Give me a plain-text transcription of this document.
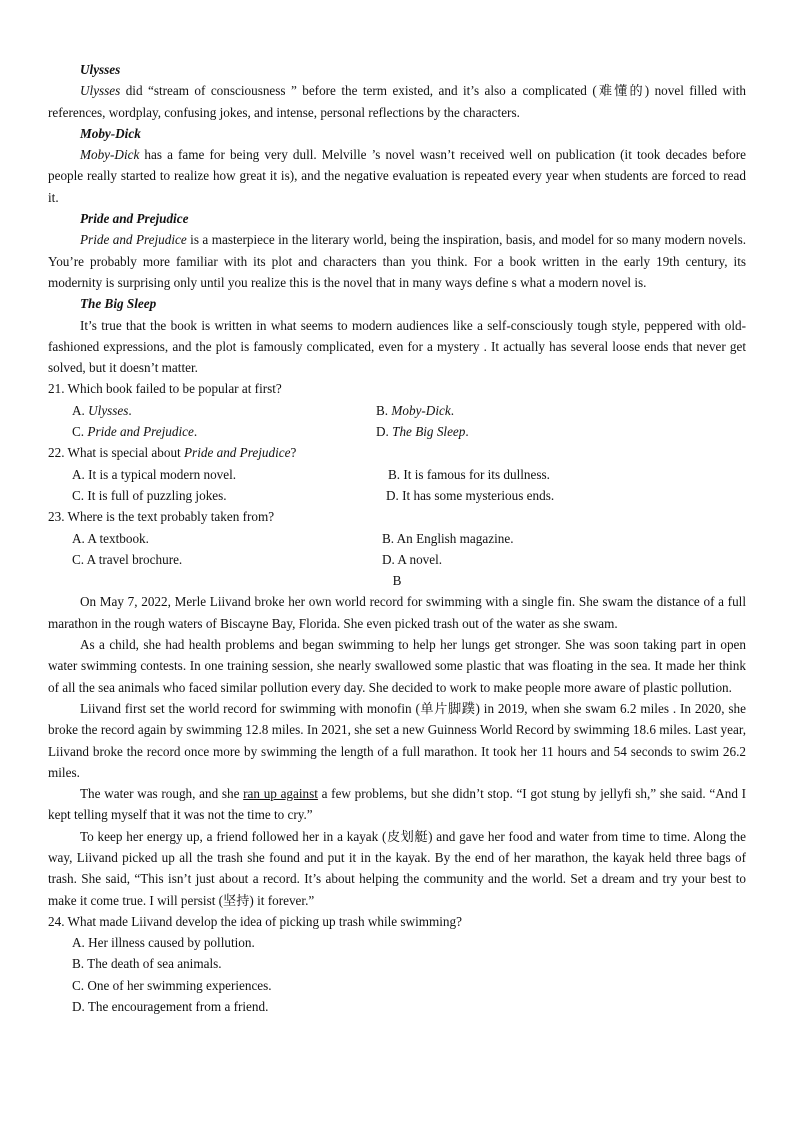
Ulysses

Ulysses did “stream of consciousness ” before the term existed, and it’s also a complicated (难懂的) novel filled with references, wordplay, confusing jokes, and intense, personal reflections by the characters.

Moby-Dick

Moby-Dick has a fame for being very dull. Melville ’s novel wasn’t received well on publication (it took decades before people really started to realize how great it is), and the negative evaluation is repeated every year when students are forced to read it.

Pride and Prejudice

Pride and Prejudice is a masterpiece in the literary world, being the inspiration, basis, and model for so many modern novels. You’re probably more familiar with its plot and characters than you think. For a book written in the early 19th century, its modernity is surprising only until you realize this is the novel that in many ways define s what a modern novel is.

The Big Sleep

It’s true that the book is written in what seems to modern audiences like a self-consciously tough style, peppered with old-fashioned expressions, and the plot is famously complicated, even for a mystery . It actually has several loose ends that never get solved, but it doesn’t matter.

21. Which book failed to be popular at first?

A. Ulysses.	B. Moby-Dick.
C. Pride and Prejudice.	D. The Big Sleep.

22. What is special about Pride and Prejudice?

A. It is a typical modern novel.	B. It is famous for its dullness.
C. It is full of puzzling jokes.	D. It has some mysterious ends.

23. Where is the text probably taken from?

A. A textbook.	B. An English magazine.
C. A travel brochure.	D. A novel.

B

On May 7, 2022, Merle Liivand broke her own world record for swimming with a single fin. She swam the distance of a full marathon in the rough waters of Biscayne Bay, Florida. She even picked trash out of the water as she swam.

As a child, she had health problems and began swimming to help her lungs get stronger. She was soon taking part in open water swimming contests. In one training session, she nearly swallowed some plastic that was floating in the sea. It made her think of all the sea animals who faced similar pollution every day. She decided to work to make people more aware of plastic pollution.

Liivand first set the world record for swimming with monofin (单片脚蹼) in 2019, when she swam 6.2 miles . In 2020, she broke the record again by swimming 12.8 miles. In 2021, she set a new Guinness World Record by swimming 18.6 miles. Last year, Liivand broke the record once more by swimming the length of a full marathon. It took her 11 hours and 54 seconds to swim 26.2 miles.

The water was rough, and she ran up against a few problems, but she didn’t stop. “I got stung by jellyfi sh,” she said. “And I kept telling myself that it was not the time to cry.”

To keep her energy up, a friend followed her in a kayak (皮划艇) and gave her food and water from time to time. Along the way, Liivand picked up all the trash she found and put it in the kayak. By the end of her marathon, the kayak held three bags of trash. She said, “This isn’t just about a record. It’s about helping the community and the world. Set a dream and try your best to make it come true. I will persist (坚持) it forever.”

24. What made Liivand develop the idea of picking up trash while swimming?

A. Her illness caused by pollution.

B. The death of sea animals.

C. One of her swimming experiences.

D. The encouragement from a friend.
